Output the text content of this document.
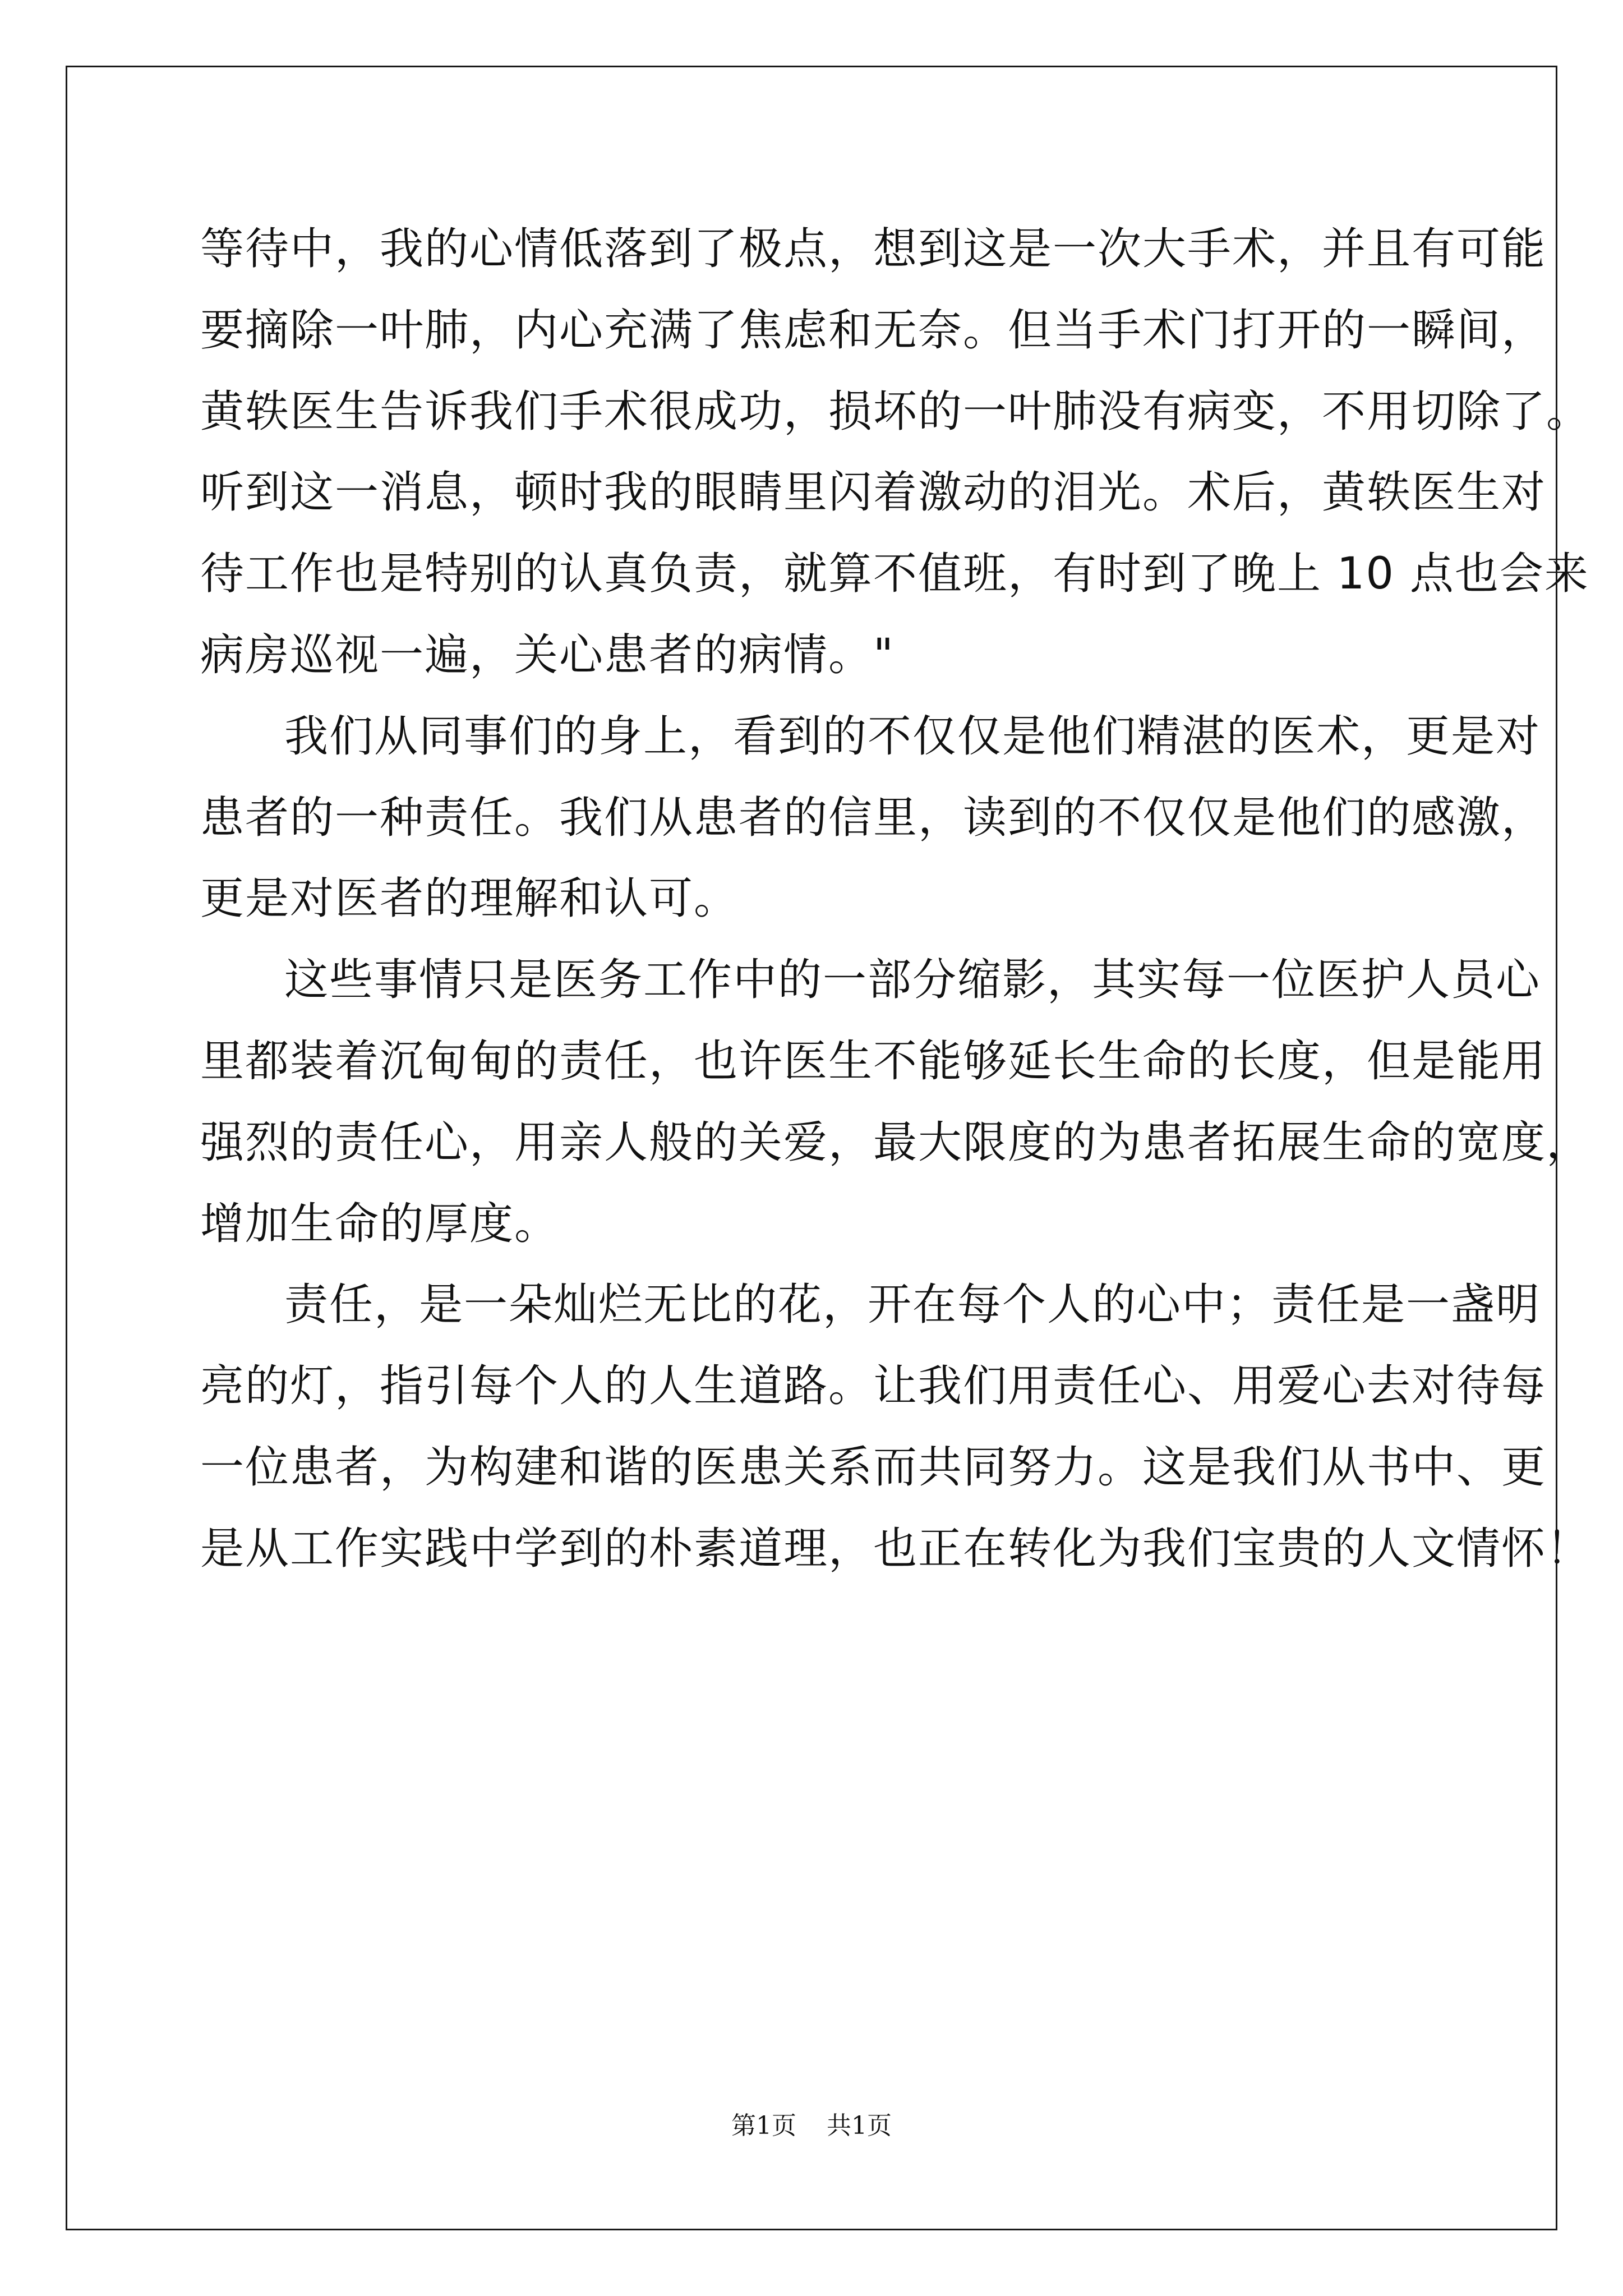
等待中，我的心情低落到了极点，想到这是一次大手术，并且有可能
要摘除一叶肺，内心充满了焦虑和无奈。但当手术门打开的一瞬间，
黄轶医生告诉我们手术很成功，损坏的一叶肺没有病变，不用切除了。
听到这一消息，顿时我的眼睛里闪着激动的泪光。术后，黄轶医生对
待工作也是特别的认真负责，就算不值班，有时到了晚上 10 点也会来
病房巡视一遍，关心患者的病情。"
我们从同事们的身上，看到的不仅仅是他们精湛的医术，更是对
患者的一种责任。我们从患者的信里，读到的不仅仅是他们的感激，
更是对医者的理解和认可。
这些事情只是医务工作中的一部分缩影，其实每一位医护人员心
里都装着沉甸甸的责任，也许医生不能够延长生命的长度，但是能用
强烈的责任心，用亲人般的关爱，最大限度的为患者拓展生命的宽度，
增加生命的厚度。
责任，是一朵灿烂无比的花，开在每个人的心中；责任是一盏明
亮的灯，指引每个人的人生道路。让我们用责任心、用爱心去对待每
一位患者，为构建和谐的医患关系而共同努力。这是我们从书中、更
是从工作实践中学到的朴素道理，也正在转化为我们宝贵的人文情怀！
第1页 共1页
